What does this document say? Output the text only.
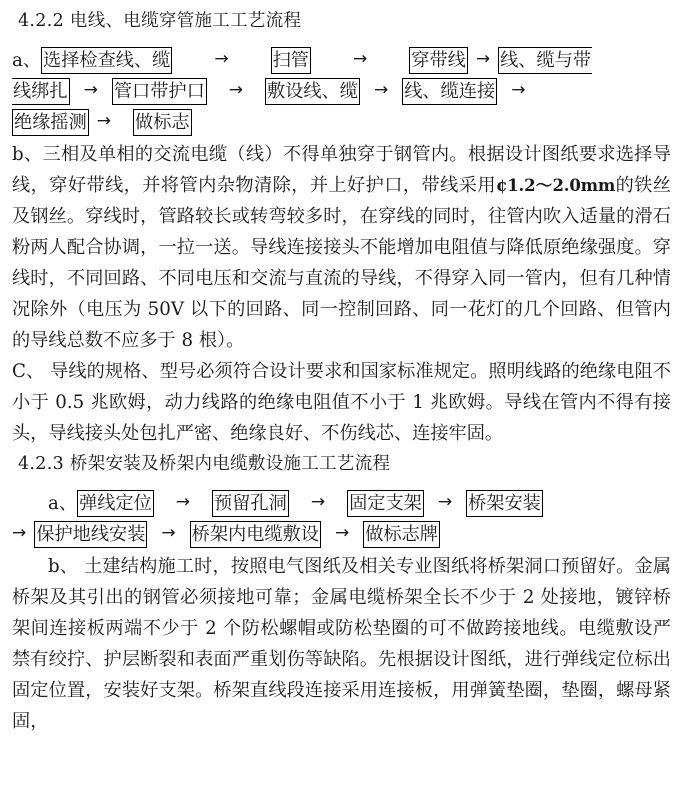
4.2.2 电线、电缆穿管施工工艺流程
a、 选择检查线、缆	→ 扫管	→ 穿带线 → 线、缆与带
线绑扎 → 管口带护口 → 敷设线、缆 → 线、缆连接 →
绝缘摇测 → 做标志

b、三相及单相的交流电缆（线）不得单独穿于钢管内。根据设计图纸要求选择导线，穿好带线，并将管内杂物清除，并上好护口，带线采用¢1.2～2.0mm的铁丝及钢丝。穿线时，管路较长或转弯较多时，在穿线的同时，往管内吹入适量的滑石粉两人配合协调，一拉一送。导线连接接头不能增加电阻值与降低原绝缘强度。穿线时，不同回路、不同电压和交流与直流的导线，不得穿入同一管内，但有几种情况除外（电压为 50V 以下的回路、同一控制回路、同一花灯的几个回路、但管内的导线总数不应多于 8 根）。

C、 导线的规格、型号必须符合设计要求和国家标准规定。照明线路的绝缘电阻不小于 0.5 兆欧姆，动力线路的绝缘电阻值不小于 1 兆欧姆。导线在管内不得有接头，导线接头处包扎严密、绝缘良好、不伤线芯、连接牢固。

4.2.3 桥架安装及桥架内电缆敷设施工工艺流程
a、 弹线定位 → 预留孔洞 → 固定支架 → 桥架安装
→ 保护地线安装 → 桥架内电缆敷设 → 做标志牌

b、 土建结构施工时，按照电气图纸及相关专业图纸将桥架洞口预留好。金属桥架及其引出的钢管必须接地可靠；金属电缆桥架全长不少于 2 处接地，镀锌桥架间连接板两端不少于 2 个防松螺帽或防松垫圈的可不做跨接地线。电缆敷设严禁有绞拧、护层断裂和表面严重划伤等缺陷。先根据设计图纸，进行弹线定位标出固定位置，安装好支架。桥架直线段连接采用连接板，用弹簧垫圈，垫圈，螺母紧固，
